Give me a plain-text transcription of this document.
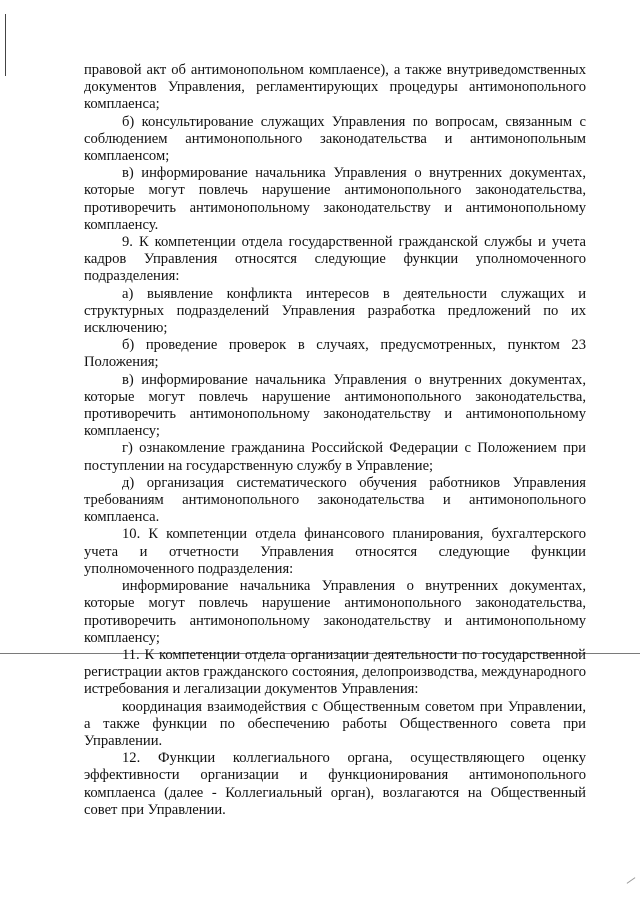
правовой акт об антимонопольном комплаенсе), а также внутриведомственных документов Управления, регламентирующих процедуры антимонопольного комплаенса;

б) консультирование служащих Управления по вопросам, связанным с соблюдением антимонопольного законодательства и антимонопольным комплаенсом;

в) информирование начальника Управления о внутренних документах, которые могут повлечь нарушение антимонопольного законодательства, противоречить антимонопольному законодательству и антимонопольному комплаенсу.

9. К компетенции отдела государственной гражданской службы и учета кадров Управления относятся следующие функции уполномоченного подразделения:

а) выявление конфликта интересов в деятельности служащих и структурных подразделений Управления разработка предложений по их исключению;

б) проведение проверок в случаях, предусмотренных, пунктом 23 Положения;

в) информирование начальника Управления о внутренних документах, которые могут повлечь нарушение антимонопольного законодательства, противоречить антимонопольному законодательству и антимонопольному комплаенсу;

г) ознакомление гражданина Российской Федерации с Положением при поступлении на государственную службу в Управление;

д) организация систематического обучения работников Управления требованиям антимонопольного законодательства и антимонопольного комплаенса.

10. К компетенции отдела финансового планирования, бухгалтерского учета и отчетности Управления относятся следующие функции уполномоченного подразделения:

информирование начальника Управления о внутренних документах, которые могут повлечь нарушение антимонопольного законодательства, противоречить антимонопольному законодательству и антимонопольному комплаенсу;

11. К компетенции отдела организации деятельности по государственной регистрации актов гражданского состояния, делопроизводства, международного истребования и легализации документов Управления:

координация взаимодействия с Общественным советом при Управлении, а также функции по обеспечению работы Общественного совета при Управлении.

12. Функции коллегиального органа, осуществляющего оценку эффективности организации и функционирования антимонопольного комплаенса (далее - Коллегиальный орган), возлагаются на Общественный совет при Управлении.
